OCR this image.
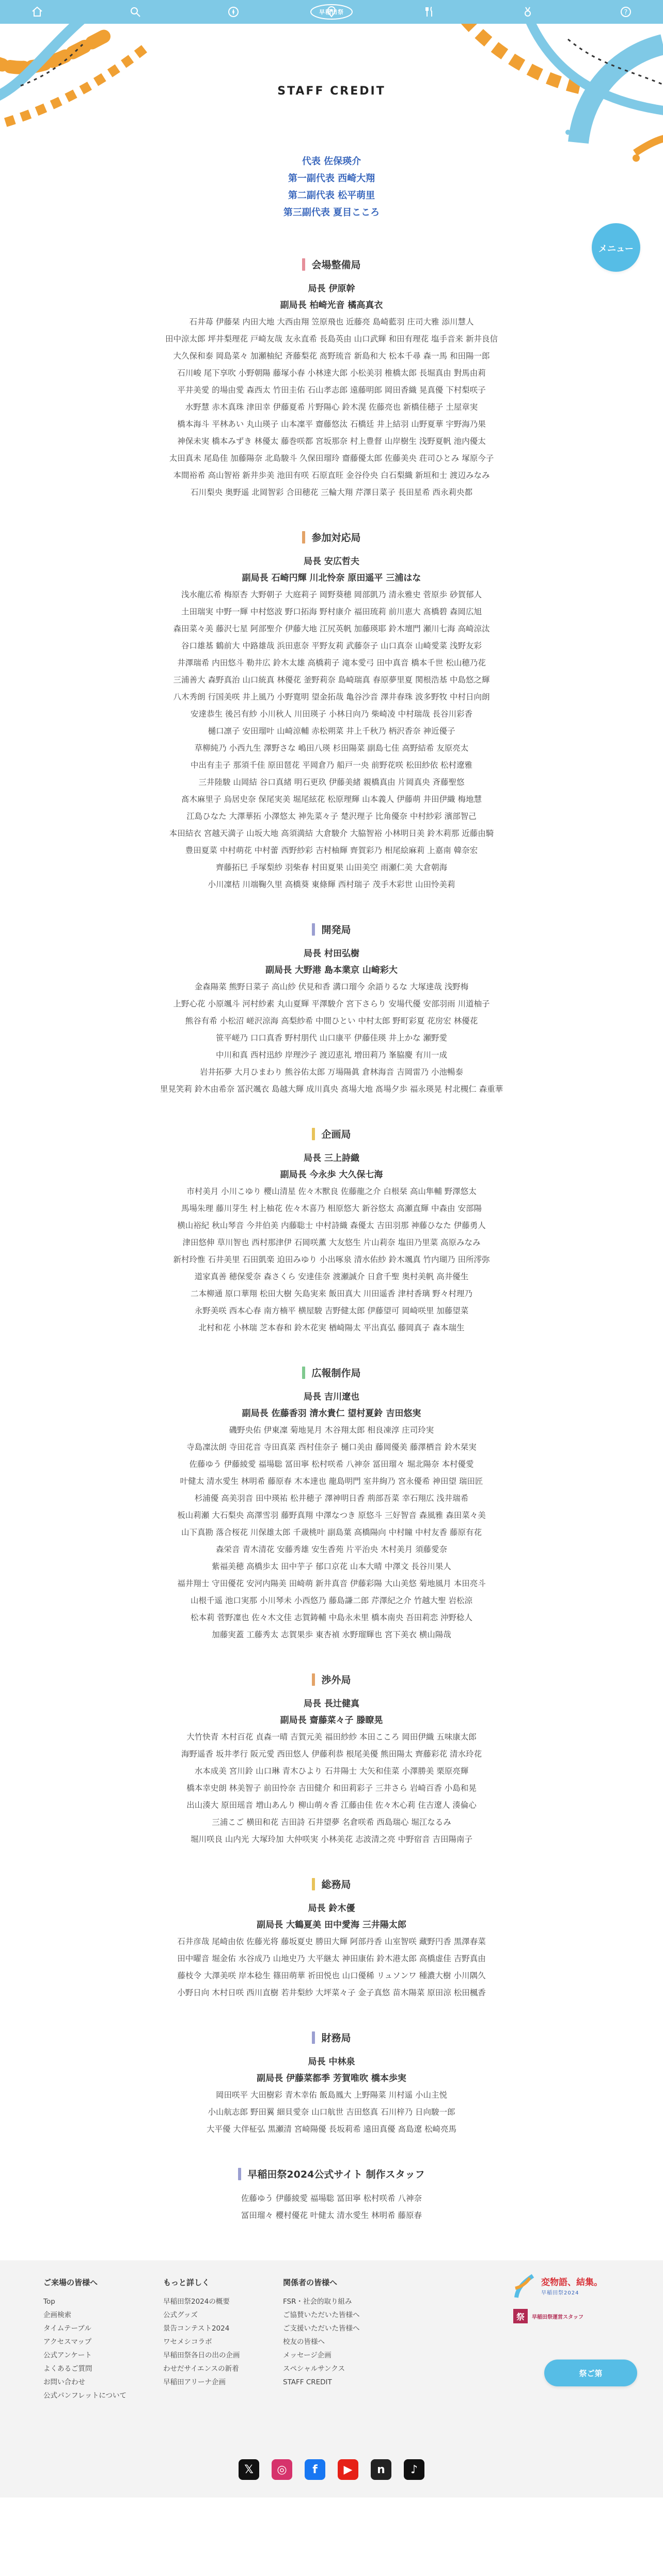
早稲田祭	?
STAFF CREDIT
代表 佐保瑛介
第一副代表 西崎大翔
第二副代表 松平萌里
第三副代表 夏目こころ
メニュー
会場整備局
局長 伊原幹
副局長 柏崎光音 橘高真衣
石井苺 伊藤栞 内田大地 大西由翔 笠原飛也 近藤亮 島崎藍羽 庄司大雅 添川慧人
田中涼太郎 坪井梨理花 戸崎友哉 友永直希 長島英由 山口武輝 和田有理花 塩手音来 新井良信
大久保和泰 岡島菜々 加瀬柚紀 斉藤梨花 髙野琉音 新島和大 松本千尋 森一馬 和田陽一郎
石川峻 尾下享吹 小野朝陽 藤塚小春 小林達大郎 小松美羽 椎橋太郎 長堀真由 對馬由莉
平井美愛 的場由愛 森西太 竹田圭佑 石山孝志郎 遠藤明郎 岡田香織 晃真優 下村梨咲子
水野慧 赤木真珠 津田幸 伊藤夏希 片野陽心 鈴木滉 佐藤亮也 新橋佳穂子 土屋章実
橋本海斗 平林あい 丸山瑛子 山本凜平 齋藤悠汰 石橋廷 井上結羽 山野夏華 宇野海乃果
神保未実 橋本みずき 林優太 藤巻咲都 宮坂那奈 村上豊督 山岸樹生 浅野夏帆 池内優太
太田真未 尾島佳 加藤陽奈 北島駿斗 久保田瑠玲 齋藤優太郎 佐藤美央 荘司ひとみ 塚原今子
本間裕希 高山智裕 新井歩美 池田有咲 石原直旺 金谷伶央 白石梨織 新垣和士 渡辺みなみ
石川梨央 奥野遥 北岡智彩 合田穂花 三輪大翔 芹澤日菜子 長田星希 西永莉央都
参加対応局
局長 安広哲夫
副局長 石崎円輝 川北怜奈 原田遥平 三浦はな
浅水龍広希 梅原杏 大野朝子 大庭莉子 岡野葵穂 岡部凱乃 清永雅史 菅原歩 砂賀郁人
土田瑞実 中野一輝 中村悠波 野口拓海 野村康介 福田琉莉 前川恵大 髙橋碧 森岡広旭
森田菜々美 藤沢七星 阿部聖介 伊藤大地 江尻英帆 加藤瑛耶 鈴木壇門 瀬川七海 高崎涼汰
谷口雄基 鶴前大 中路雄哉 浜田恵奈 平野友莉 武藤奈子 山口真奈 山崎愛菜 浅野友彩
井澤瑞希 内田悠斗 勒井広 鈴木太雄 高橋莉子 滝本愛弓 田中真音 橋本千世 松山穂乃花
三浦善大 森野真治 山口統真 林優花 釜野莉奈 島崎瑞真 春原夢里夏 関根浩基 中島悠之輝
八木秀朗 行国美咲 井上風乃 小野寛明 望金拓哉 亀谷沙音 澤井春珠 波多野牧 中村日向朗
安達恭生 後呂有紗 小川秋人 川田瑛子 小林日向乃 柴崎凌 中村瑞哉 長谷川彩香
樋口凛子 安田瑠叶 山崎涼輔 赤松朔菜 井上千秋乃 柄沢香奈 神近優子
草柳純乃 小西九生 澤野さな 嶋田八瑛 杉田陽菜 副島七佳 高野結希 友原亮太
中出有圭子 那須千佳 原田琶花 平岡倉乃 船戸一央 前野花咲 松田紗依 松村遼雅
三井陸駿 山岡結 谷口真緒 明石更玖 伊藤美緒 親橋真由 片岡真央 斉藤聖悠
髙木麻里子 烏居史奈 保尾実美 堀尾絃花 松原理輝 山本義人 伊藤萌 井田伊織 梅地慧
江島ひなた 大澤華拓 小澤悠太 神先菜々子 楚沢理子 比角優奈 中村紗彩 濱部智己
本田結衣 宮越天満子 山坂大地 高須満結 大倉駿介 大脇智裕 小林明日美 鈴木莉那 近藤由騎
豊田夏菜 中村萌花 中村蕾 西野紗彩 吉村柚輝 齊賀彩乃 相尾絵麻莉 上嘉南 韓奈宏
齊藤拓巳 手塚梨紗 羽柴春 村田夏果 山田美空 雨瀬仁美 大倉朝海
小川凜桔 川端鞠久里 高橋葵 東條輝 西村瑞子 茂手木彩世 山田怜美莉
開発局
局長 村田弘樹
副局長 大野港 島本業京 山崎彩大
金森陽菜 熊野日菜子 高山紗 伏見和香 溝口瑠今 余語りるな 大塚達哉 浅野梅
上野心花 小原颯斗 河村紗素 丸山夏輝 平澤駿介 宮下さらり 安場代優 安部羽雨 川道柚子
熊谷有希 小松沼 嵯沢涼海 高梨紗希 中間ひとい 中村太郎 野町彩夏 花房宏 林優花
笹平嵯乃 口口真香 野村朋代 山口康平 伊藤佳瑛 井上かな 瀬野愛
中川和真 西村迅紗 岸理沙子 渡辺恵礼 増田莉乃 峯脇慶 有川一成
岩井拓夢 大月ひまわり 熊谷佑太郎 万場陽眞 倉林海音 吉岡雷乃 小池暢泰
里見笑莉 鈴木由希奈 冨沢颯衣 島越大輝 成川真央 髙場大地 髙場夕歩 福永瑛晃 村北槻仁 森重華
企画局
局長 三上詩織
副局長 今永歩 大久保七海
市村美月 小川こゆり 櫻山清星 佐々木獸良 佐藤龍之介 白根栞 高山隼輔 野澤悠太
馬場朱理 藤川芽生 村上柚花 佐々木喜乃 相原悠大 新谷悠太 高瀬直輝 中森由 安部陽
横山裕紀 秋山琴音 今井伯美 内藤聡士 中村詩織 森優太 吉田羽那 神藤ひなた 伊藤勇人
津田悠伸 草川智也 西村那津伊 石岡咲薫 大友悠生 片山莉奈 塩田乃里菜 高原みなみ
新村玲惟 石井美里 石田凱楽 迫田みゆり 小出啄泉 清水佑紗 鈴木颯真 竹内瑚乃 田所澪弥
道家真善 穂保愛奈 森さくら 安達佳奈 渡瀬誠介 日倉千聖 奥村美帆 高井優生
二本柳通 原口華翔 松田大樹 矢島実来 飯田真大 川田遥香 津村香璃 野々村理乃
永野美咲 西本心春 南方楠平 横屋駿 吉野健太郎 伊藤望可 岡崎咲里 加藤望菜
北村和花 小林瑞 芝本春和 鈴木花実 楢崎陽太 平出真弘 藤岡真子 森本瑞生
広報制作局
局長 吉川遼也
副局長 佐藤香羽 清水貴仁 望村夏鈴 吉田悠実
磯野央佑 伊東凜 菊地晃月 木谷翔太郎 相良凍淳 庄司玲実
寺島凜汰朗 寺田花音 寺田真菜 西村佳奈子 樋口美由 藤岡優美 藤澤栖音 鈴木栞実
佐藤ゆう 伊藤綾愛 福場聡 冨田寧 松村咲希 八神奈 冨田瑠々 堀北陽奈 本村優愛
叶健太 清水愛生 林明希 藤原春 木本達也 龍島明門 室井絢乃 宮永優希 神田望 瑞田匠
杉浦優 高美羽音 田中瑛祐 松井穂子 澤神明日香 荊部吾菜 幸石翔広 浅井瑞希
板山莉瀬 大石梨央 高澤雪羽 藤野真翔 中澤なつき 原悠斗 三好智音 森風雅 森田菜々美
山下真勘 落合桜花 川保雄太郎 千歳桃叶 副島葉 高橋陽向 中村瞳 中村友香 藤原有花
森栄音 青木清花 安藤秀雄 安生香苑 片平治央 木村美月 須藤愛奈
紫福美穂 高橋歩太 田中芋子 郁口京花 山本大晴 中澤文 長谷川果人
福井翔士 守田優花 安河内陽美 田崎萌 新井真音 伊藤彩陽 大山美悠 菊地風月 本田亮斗
山根千遥 池口実那 小川琴未 小西悠乃 藤島謙二郎 芹澤紀之介 竹越大聖 岩松涼
松本莉 菅野凜也 佐々木文佳 志賀鋳輔 中島永未里 橋本南央 吾田莉恋 沖野稔人
加藤実蓋 工藤秀太 志賀果歩 東杏禎 水野瑠輝也 宮下美衣 横山陽哉
渉外局
局長 長辻健真
副局長 齋藤菜々子 滕瞭晃
大竹快青 木村百花 貞森一晴 吉賀元美 福田紗紗 本田こころ 岡田伊織 五味康太郎
海野遥香 坂井孝行 阪元愛 西田悠人 伊藤利恭 根尾美優 熊田陽太 齊藤彩花 清水玲花
水本成美 宮川鈴 山口琳 青木ひより 石井陽士 大矢和佳菜 小澤勝美 栗原亮輝
橋本幸史朗 林美智子 前田怜奈 吉田健介 和田莉彩子 三井さら 岩崎百香 小島和晃
出山湊大 原田瑶音 増山あんり 柳山萌々香 江藤由佳 佐々木心莉 住吉遼人 湊倫心
三浦こご 横田和花 吉田詩 石井望夢 名倉咲希 西島瑞心 堀江なるみ
堀川咲良 山内光 大塚玲加 大仲咲実 小林美花 志波清之亮 中野宿音 吉田陽南子
総務局
局長 鈴木優
副局長 大鶴夏美 田中愛海 三井陽太郎
石井彦哉 尾崎由依 佐藤光将 藤坂夏史 勝田大輝 阿部丹香 山室智咲 藏野円香 黒澤春菜
田中曜音 堀金佑 水谷成乃 山地史乃 大平継太 神田康佑 鈴木港太郎 高橋虚佳 吉野真由
藤枝令 大澤美咲 岸本稔生 篠田萌華 祈田悦也 山口優稀 リュソンワ 種濃大樹 小川隅久
小野日向 木村日咲 西川直樹 若井梨紗 大坪菜々子 金子真悠 苗木陽菜 原田涼 松田楓香
財務局
局長 中林泉
副局長 伊藤菜都季 芳賀唯吹 橋本歩実
岡田咲平 大田樹彩 青木幸佑 飯島鳳大 上野陽菜 川村遥 小山主悦
小山航志郎 野田翼 細貝愛奈 山口航世 吉田悠真 石川梓乃 日向駿一郎
大平優 大伴柾弘 黒瀬清 宮崎陽優 長坂莉希 遠田真優 髙島遼 松崎亮馬
早稲田祭2024公式サイト 制作スタッフ
佐藤ゆう 伊藤綾愛 福場聡 冨田寧 松村咲希 八神奈
冨田瑠々 櫻村優花 叶健太 清水愛生 林明希 藤原春
ご来場の皆様へ
Top
企画検索
タイムテーブル
アクセスマップ
公式アンケート
よくあるご質問
お問い合わせ
公式パンフレットについて
もっと詳しく
早稲田祭2024の概要
公式グッズ
景告コンテスト2024
ワセメシコラボ
早稲田祭各日の出の企画
わせだサイエンスの新着
早稲田アリーナ企画
関係者の皆様へ
FSR・社会的取り組み
ご協賛いただいた皆様へ
ご支援いただいた皆様へ
校友の皆様へ
メッセージ企画
スペシャルサンクス
STAFF CREDIT
変物語、結集。
早稲田祭2024
祭	早稲田祭運営スタッフ
祭ご第
𝕏	◎	f	▶	n	♪
